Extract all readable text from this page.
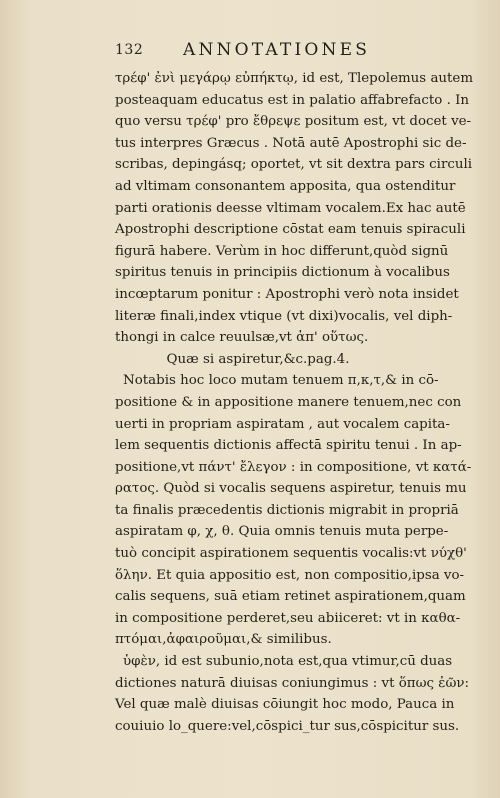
132 ANNOTATIONES
τρέφ' ἐνὶ μεγάρῳ εὐπήκτῳ, id est, Tlepolemus autem
posteaquam educatus est in palatio affabrefacto . In
quo versu τρέφ' pro ἔθρεψε positum est, vt docet ve-
tus interpres Græcus . Notā autē Apostrophi sic de-
scribas, depingásq; oportet, vt sit dextra pars circuli
ad vltimam consonantem apposita, qua ostenditur
parti orationis deesse vltimam vocalem.Ex hac autē
Apostrophi descriptione cōstat eam tenuis spiraculi
figurā habere. Verùm in hoc differunt,quòd signū
spiritus tenuis in principiis dictionum à vocalibus
incœptarum ponitur : Apostrophi verò nota insidet
literæ finali,index vtique (vt dixi)vocalis, vel diph-
thongi in calce reuulsæ,vt ἀπ' οὕτως.
Quæ si aspiretur,&c.pag.4.
Notabis hoc loco mutam tenuem π,κ,τ,& in cō-
positione & in appositione manere tenuem,nec con
uerti in propriam aspiratam , aut vocalem capita-
lem sequentis dictionis affectā spiritu tenui . In ap-
positione,vt πάντ' ἔλεγον : in compositione, vt κατά-
ρατος. Quòd si vocalis sequens aspiretur, tenuis mu
ta finalis præcedentis dictionis migrabit in propriā
aspiratam φ, χ, θ. Quia omnis tenuis muta perpe-
tuò concipit aspirationem sequentis vocalis:vt νύχθ'
ὅλην. Et quia appositio est, non compositio,ipsa vo-
calis sequens, suā etiam retinet aspirationem,quam
in compositione perderet,seu abiiceret: vt in καθα-
πτόμαι,ἀφαιροῦμαι,& similibus.
ὑφὲν, id est subunio,nota est,qua vtimur,cū duas
dictiones naturā diuisas coniungimus : vt ὅπως ἐῶν:
Vel quæ malè diuisas cōiungit hoc modo, Pauca in
couiuio lo_quere:vel,cōspici_tur sus,cōspicitur sus.
